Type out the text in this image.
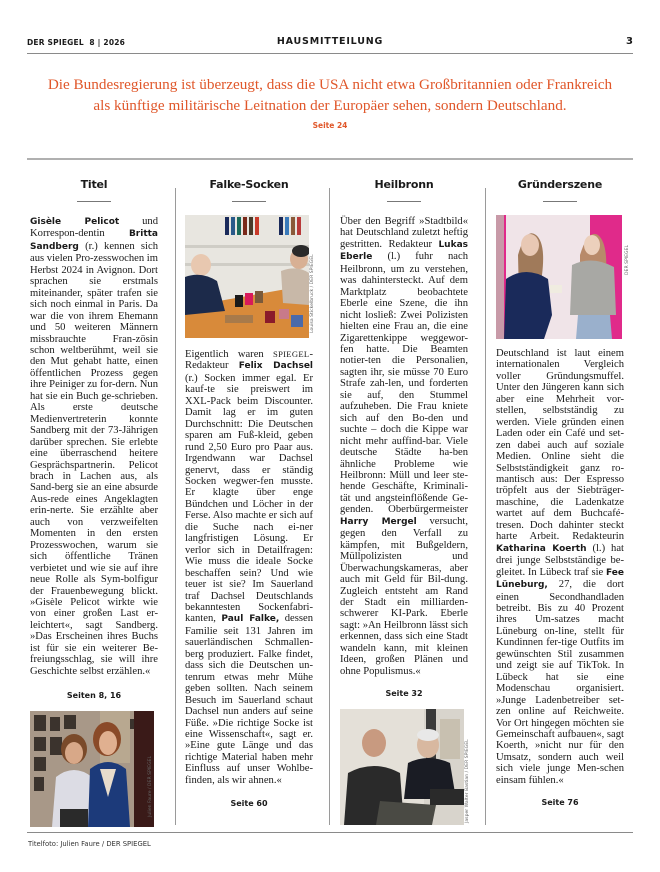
DER SPIEGEL  8 | 2026	HAUSMITTEILUNG	3
Die Bundesregierung ist überzeugt, dass die USA nicht etwa Großbritannien oder Frankreich
als künftige militärische Leitnation der Europäer sehen, sondern Deutschland.
Seite 24
Titel
Gisèle Pelicot und Korrespon-dentin Britta Sandberg (r.) kennen sich aus vielen Pro-zesswochen im Herbst 2024 in Avignon. Dort sprachen sie erstmals miteinander, später trafen sie sich noch einmal in Paris. Da war die von ihrem Ehemann und 50 weiteren Männern missbrauchte Fran-zösin schon weltberühmt, weil sie den Mut gehabt hatte, einen öffentlichen Prozess gegen ihre Peiniger zu for-dern. Nun hat sie ein Buch ge-schrieben. Als erste deutsche Medienvertreterin konnte Sandberg mit der 73-Jährigen darüber sprechen. Sie erlebte eine überraschend heitere Gesprächspartnerin. Pelicot brach in Lachen aus, als Sand-berg sie an eine absurde Aus-rede eines Angeklagten erin-nerte. Sie erzählte aber auch von verzweifelten Momenten in den ersten Prozesswochen, warum sie sich öffentliche Tränen verbietet und wie sie auf ihre neue Rolle als Sym-bolfigur der Frauenbewegung blickt. »Gisèle Pelicot wirkte wie von einer großen Last er-leichtert«, sagt Sandberg. »Das Erscheinen ihres Buchs ist für sie ein weiterer Be-freiungsschlag, sie will ihre Geschichte selbst erzählen.«
Seiten 8, 16
Julien Faure / DER SPIEGEL
Falke-Socken
Louisa Stickelbruck / DER SPIEGEL
Eigentlich waren SPIEGEL-Redakteur Felix Dachsel (r.) Socken immer egal. Er kauf-te sie preiswert im XXL-Pack beim Discounter. Damit lag er im guten Durchschnitt: Die Deutschen sparen am Fuß-kleid, geben rund 2,50 Euro pro Paar aus. Irgendwann war Dachsel genervt, dass er ständig Socken wegwer-fen musste. Er klagte über enge Bündchen und Löcher in der Ferse. Also machte er sich auf die Suche nach ei-ner langfristigen Lösung. Er verlor sich in Detailfragen: Wie muss die ideale Socke beschaffen sein? Und wie teuer ist sie? Im Sauerland traf Dachsel Deutschlands bekanntesten Sockenfabri-kanten, Paul Falke, dessen Familie seit 131 Jahren im sauerländischen Schmallen-berg produziert. Falke findet, dass sich die Deutschen un-tenrum etwas mehr Mühe geben sollten. Nach seinem Besuch im Sauerland schaut Dachsel nun anders auf seine Füße. »Die richtige Socke ist eine Wissenschaft«, sagt er. »Eine gute Länge und das richtige Material haben mehr Einfluss auf unser Wohlbe-finden, als wir ahnen.«
Seite 60
Heilbronn
Über den Begriff »Stadtbild« hat Deutschland zuletzt heftig gestritten. Redakteur Lukas Eberle (l.) fuhr nach Heilbronn, um zu verstehen, was dahintersteckt. Auf dem Marktplatz beobachtete Eberle eine Szene, die ihn nicht losließ: Zwei Polizisten hielten eine Frau an, die eine Zigarettenkippe weggewor-fen hatte. Die Beamten notier-ten die Personalien, sagten ihr, sie müsse 70 Euro Strafe zah-len, und forderten sie auf, den Stummel aufzuheben. Die Frau kniete sich auf den Bo-den und suchte – doch die Kippe war nicht mehr auffind-bar. Viele deutsche Städte ha-ben ähnliche Probleme wie Heilbronn: Müll und leer ste-hende Geschäfte, Kriminali-tät und angsteinflößende Ge-genden. Oberbürgermeister Harry Mergel versucht, gegen den Verfall zu kämpfen, mit Bußgeldern, Müllpolizisten und Überwachungskameras, aber auch mit Geld für Bil-dung. Zugleich entsteht am Rand der Stadt ein milliarden-schwerer KI-Park. Eberle sagt: »An Heilbronn lässt sich erkennen, dass sich eine Stadt wandeln kann, mit kleinen Ideen, großen Plänen und ohne Populismus.«
Seite 32
Jasper Walter Bastian / DER SPIEGEL
Gründerszene
DER SPIEGEL
Deutschland ist laut einem internationalen Vergleich voller Gründungsmuffel. Unter den Jüngeren kann sich aber eine Mehrheit vor-stellen, selbstständig zu werden. Viele gründen einen Laden oder ein Café und set-zen dabei auch auf soziale Medien. Online sieht die Selbstständigkeit ganz ro-mantisch aus: Der Espresso tröpfelt aus der Siebträger-maschine, die Ladenkatze wartet auf dem Buchcafé-tresen. Doch dahinter steckt harte Arbeit. Redakteurin Katharina Koerth (l.) hat drei junge Selbstständige be-gleitet. In Lübeck traf sie Fee Lüneburg, 27, die dort einen Secondhandladen betreibt. Bis zu 40 Prozent ihres Um-satzes macht Lüneburg on-line, stellt für Kundinnen fer-tige Outfits im gewünschten Stil zusammen und zeigt sie auf TikTok. In Lübeck hat sie eine Modenschau organisiert. »Junge Ladenbetreiber set-zen online auf Reichweite. Vor Ort hingegen möchten sie Gemeinschaft aufbauen«, sagt Koerth, »nicht nur für den Umsatz, sondern auch weil sich viele junge Men-schen einsam fühlen.«
Seite 76
Titelfoto: Julien Faure / DER SPIEGEL
